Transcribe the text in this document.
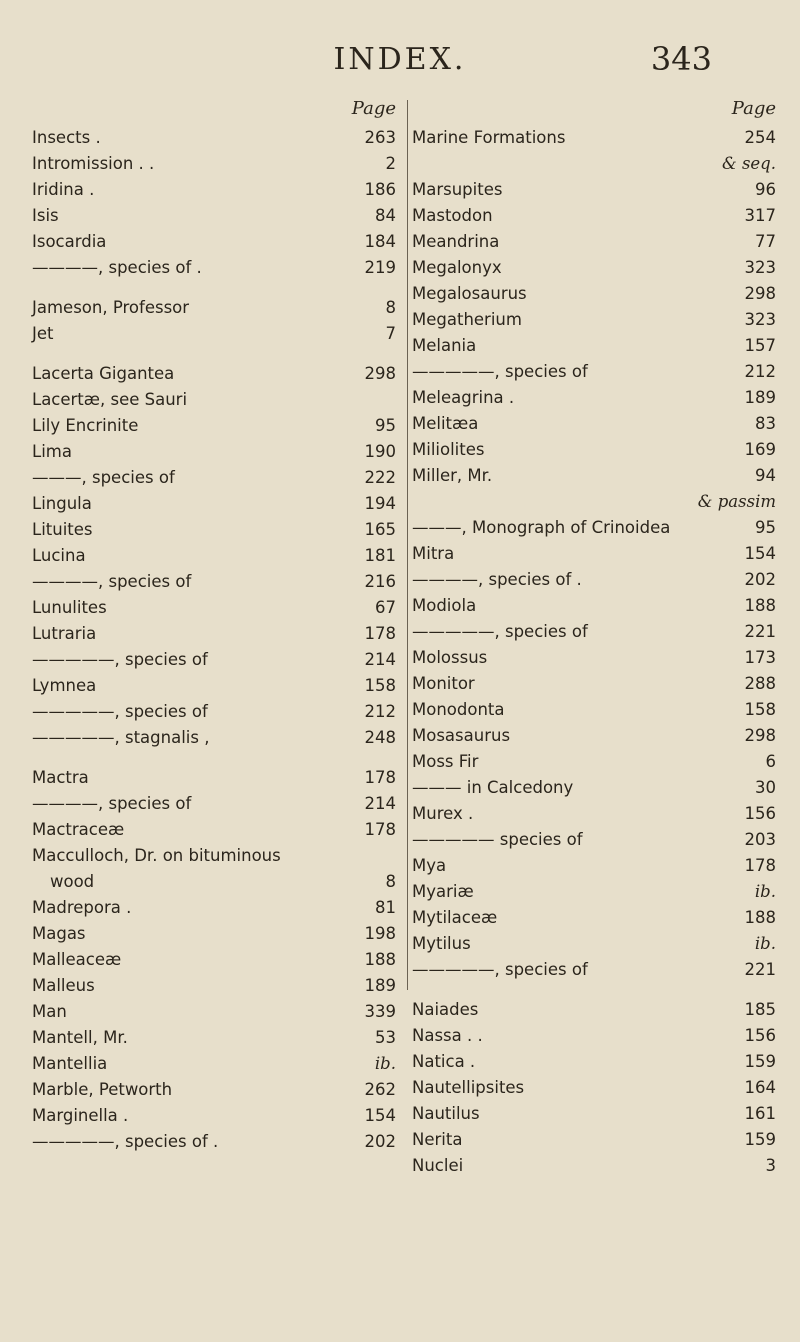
INDEX.	343
Page
Insects .	263
Intromission . .	2
Iridina .	186
Isis	84
Isocardia	184
————, species of .	219
Jameson, Professor	8
Jet	7
Lacerta Gigantea	298
Lacertæ, see Sauri
Lily Encrinite	95
Lima	190
———, species of	222
Lingula	194
Lituites	165
Lucina	181
————, species of	216
Lunulites	67
Lutraria	178
—————, species of	214
Lymnea	158
—————, species of	212
—————, stagnalis ,	248
Mactra	178
————, species of	214
Mactraceæ	178
Macculloch, Dr. on bituminous
wood	8
Madrepora .	81
Magas	198
Malleaceæ	188
Malleus	189
Man	339
Mantell, Mr.	53
Mantellia	ib.
Marble, Petworth	262
Marginella .	154
—————, species of .	202
Page
Marine Formations	254
& seq.
Marsupites	96
Mastodon	317
Meandrina	77
Megalonyx	323
Megalosaurus	298
Megatherium	323
Melania	157
—————, species of	212
Meleagrina .	189
Melitæa	83
Miliolites	169
Miller, Mr.	94
& passim
———, Monograph of Crinoidea	95
Mitra	154
————, species of .	202
Modiola	188
—————, species of	221
Molossus	173
Monitor	288
Monodonta	158
Mosasaurus	298
Moss Fir	6
——— in Calcedony	30
Murex .	156
————— species of	203
Mya	178
Myariæ	ib.
Mytilaceæ	188
Mytilus	ib.
—————, species of	221
Naiades	185
Nassa . .	156
Natica .	159
Nautellipsites	164
Nautilus	161
Nerita	159
Nuclei	3
